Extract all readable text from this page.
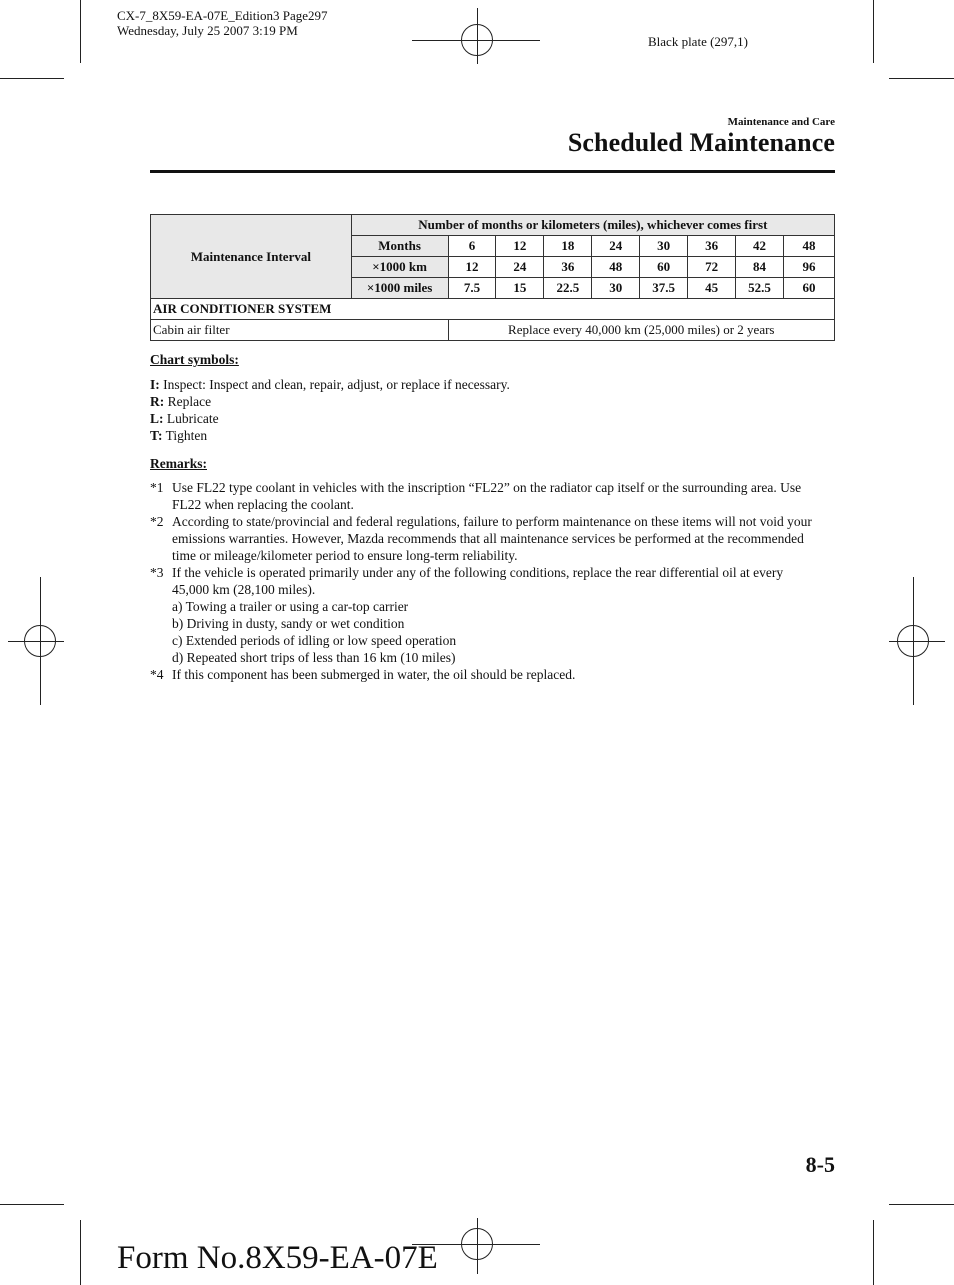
CX-7_8X59-EA-07E_Edition3 Page297
Wednesday, July 25 2007 3:19 PM
Black plate (297,1)
Maintenance and Care
Scheduled Maintenance
Maintenance Interval	Number of months or kilometers (miles), whichever comes first								
	Months	6	12	18	24	30	36	42	48
	×1000 km	12	24	36	48	60	72	84	96
	×1000 miles	7.5	15	22.5	30	37.5	45	52.5	60
AIR CONDITIONER SYSTEM									
Cabin air filter		Replace every 40,000 km (25,000 miles) or 2 years							
Chart symbols:
I: Inspect: Inspect and clean, repair, adjust, or replace if necessary.
R: Replace
L: Lubricate
T: Tighten
Remarks:
*1 Use FL22 type coolant in vehicles with the inscription “FL22” on the radiator cap itself or the surrounding area. Use FL22 when replacing the coolant.
*2 According to state/provincial and federal regulations, failure to perform maintenance on these items will not void your emissions warranties. However, Mazda recommends that all maintenance services be performed at the recommended time or mileage/kilometer period to ensure long-term reliability.
*3 If the vehicle is operated primarily under any of the following conditions, replace the rear differential oil at every 45,000 km (28,100 miles).
a) Towing a trailer or using a car-top carrier
b) Driving in dusty, sandy or wet condition
c) Extended periods of idling or low speed operation
d) Repeated short trips of less than 16 km (10 miles)
*4 If this component has been submerged in water, the oil should be replaced.
8-5
Form No.8X59-EA-07E
